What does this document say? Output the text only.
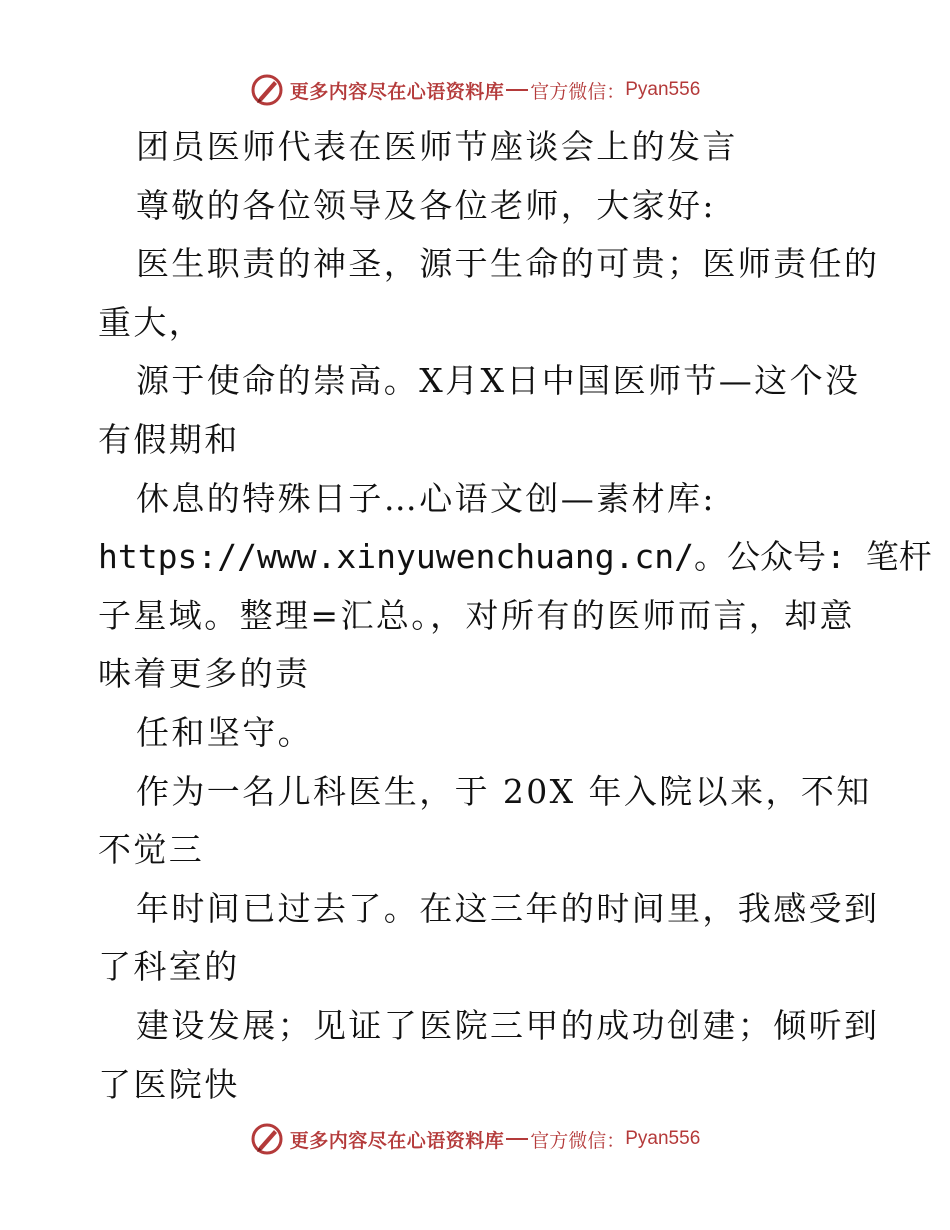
更多内容尽在心语资料库 官方微信： Pyan556
团员医师代表在医师节座谈会上的发言
尊敬的各位领导及各位老师，大家好:
医生职责的神圣，源于生命的可贵；医师责任的
重大，
源于使命的崇高。X月X日中国医师节—这个没
有假期和
休息的特殊日子…心语文创—素材库:
https://www.xinyuwenchuang.cn/。公众号: 笔杆
子星域。整理=汇总。，对所有的医师而言，却意
味着更多的责
任和坚守。
作为一名儿科医生，于 20X 年入院以来，不知
不觉三
年时间已过去了。在这三年的时间里，我感受到
了科室的
建设发展；见证了医院三甲的成功创建；倾听到
了医院快
更多内容尽在心语资料库 官方微信： Pyan556
